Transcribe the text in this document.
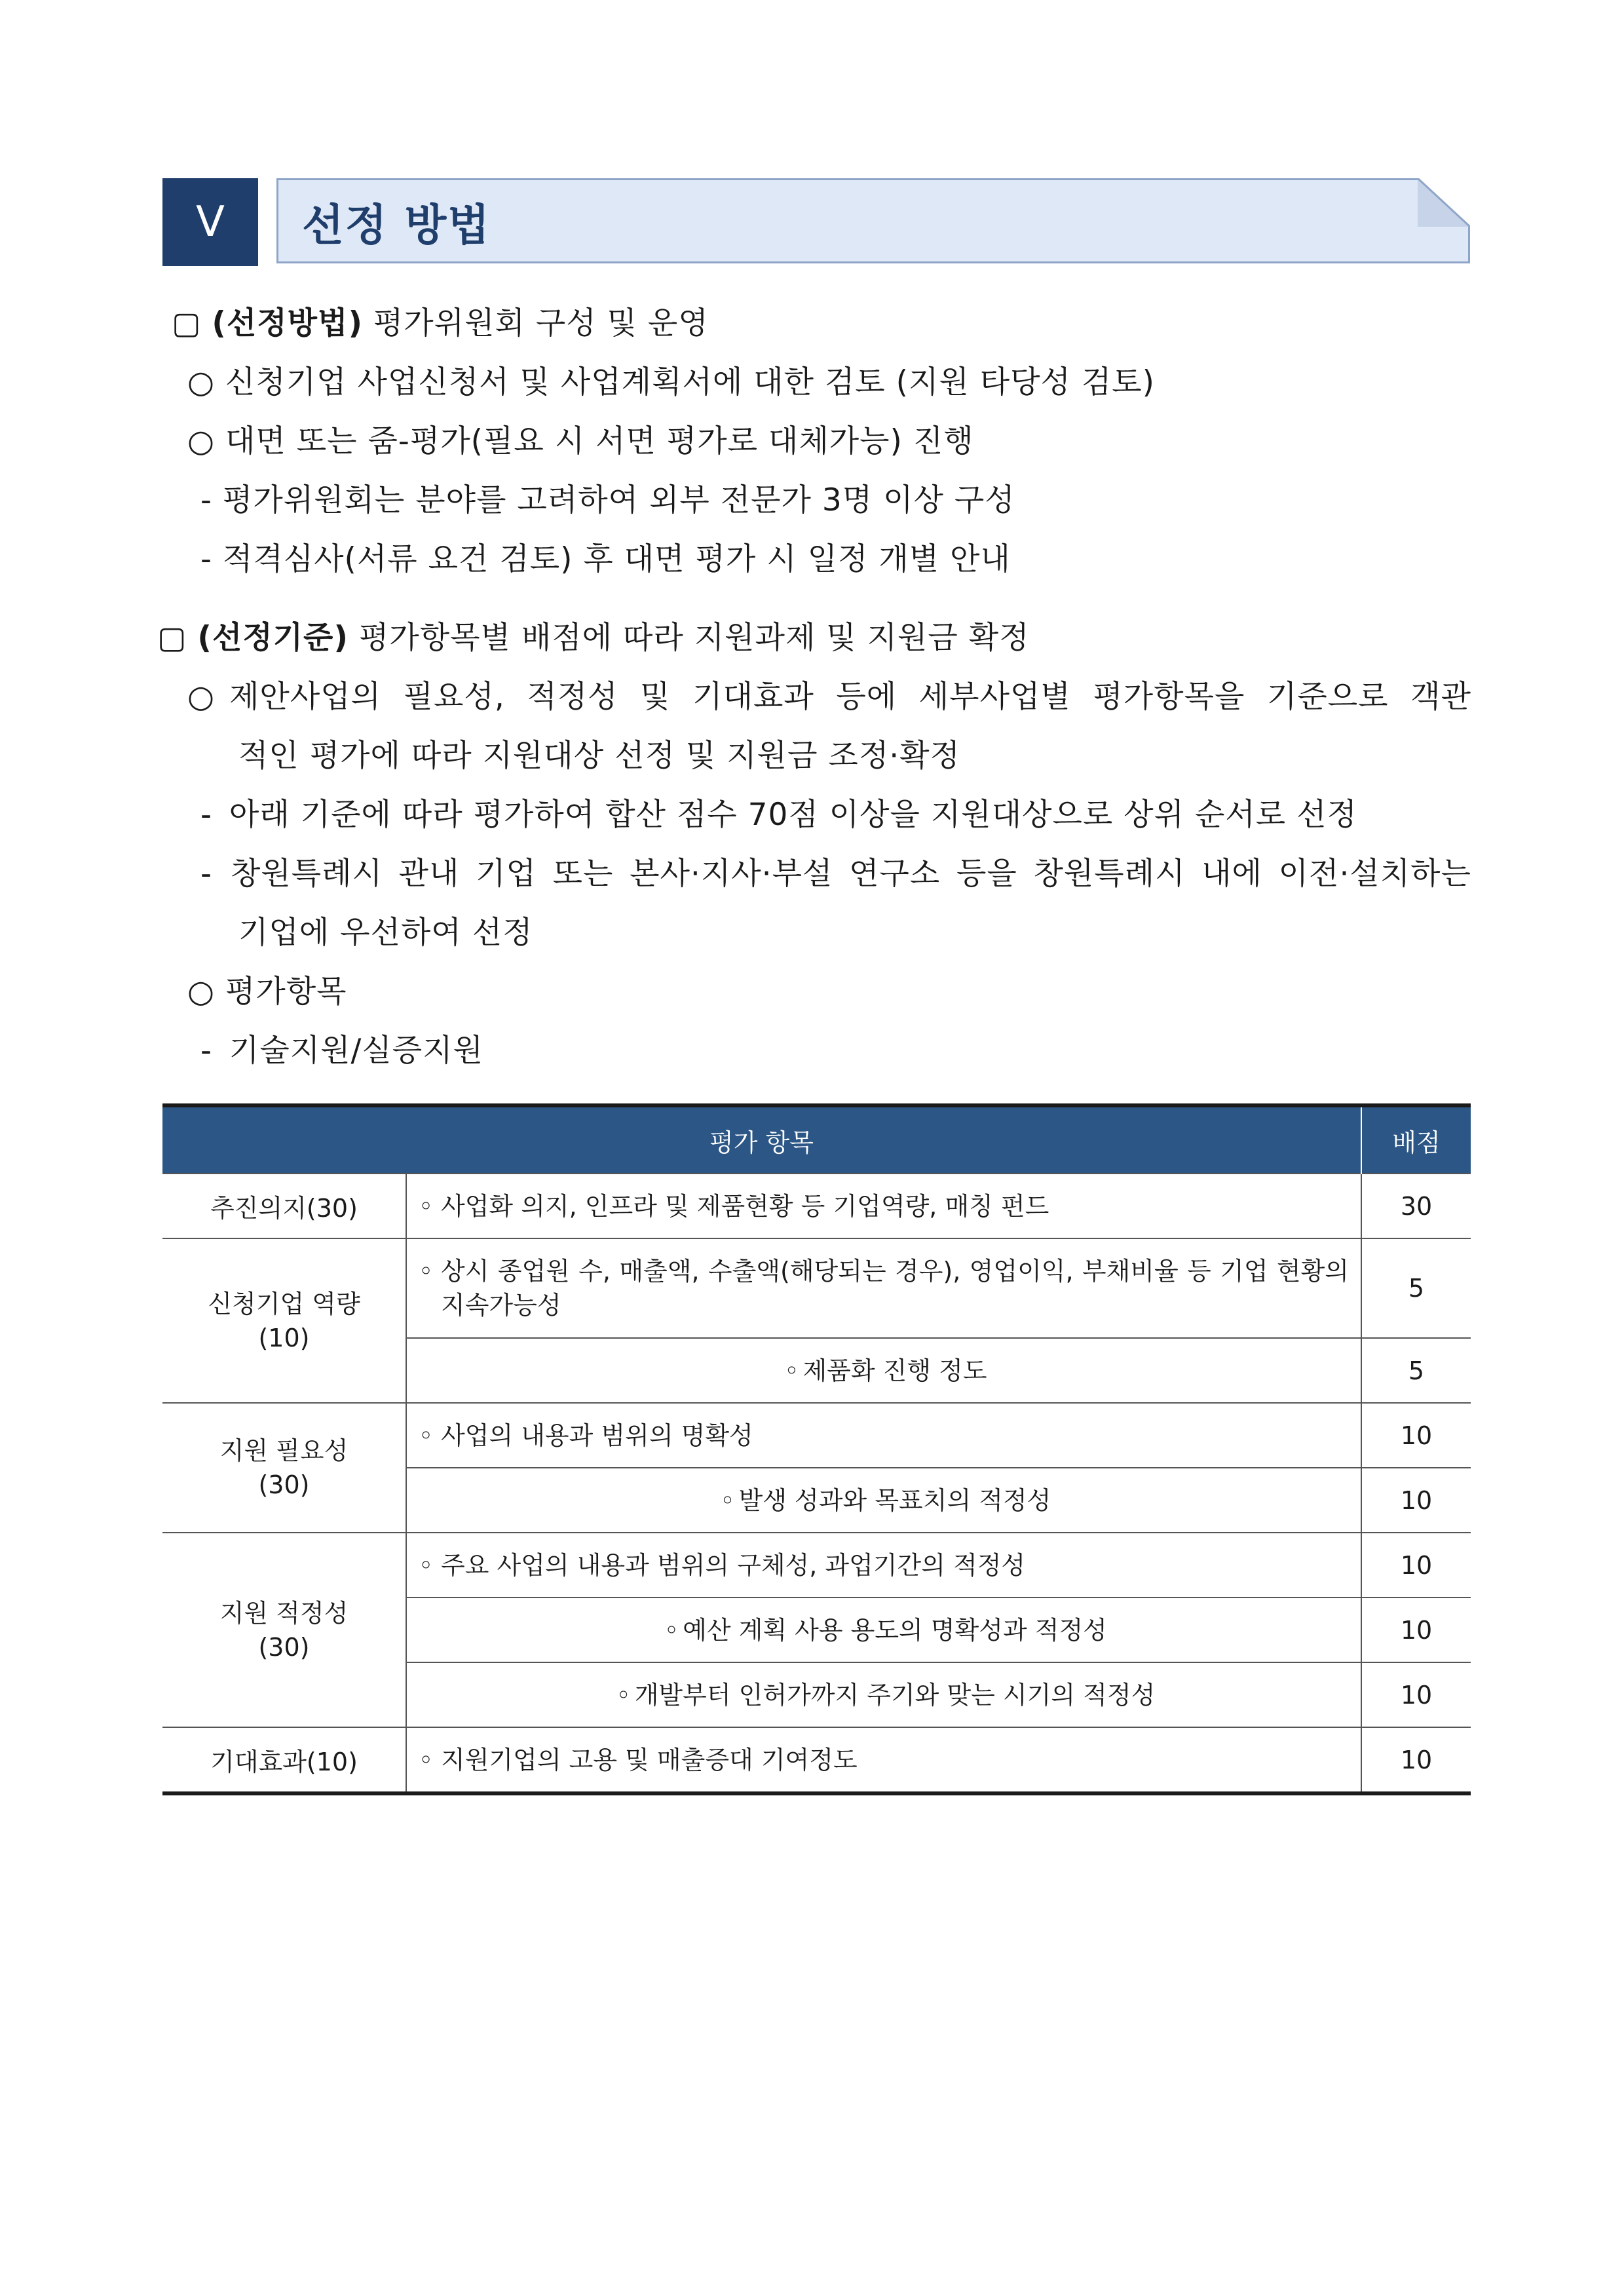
Ⅴ	선정 방법
▢ (선정방법) 평가위원회 구성 및 운영
○ 신청기업 사업신청서 및 사업계획서에 대한 검토 (지원 타당성 검토)
○ 대면 또는 줌-평가(필요 시 서면 평가로 대체가능) 진행
- 평가위원회는 분야를 고려하여 외부 전문가 3명 이상 구성
- 적격심사(서류 요건 검토) 후 대면 평가 시 일정 개별 안내
▢ (선정기준) 평가항목별 배점에 따라 지원과제 및 지원금 확정
○ 제안사업의 필요성, 적정성 및 기대효과 등에 세부사업별 평가항목을 기준으로 객관
적인 평가에 따라 지원대상 선정 및 지원금 조정·확정
- 아래 기준에 따라 평가하여 합산 점수 70점 이상을 지원대상으로 상위 순서로 선정
- 창원특례시 관내 기업 또는 본사·지사·부설 연구소 등을 창원특례시 내에 이전·설치하는
기업에 우선하여 선정
○ 평가항목
- 기술지원/실증지원
평가 항목		배점
추진의지(30)	◦ 사업화 의지, 인프라 및 제품현황 등 기업역량, 매칭 펀드	30
신청기업 역량
(10)	◦ 상시 종업원 수, 매출액, 수출액(해당되는 경우), 영업이익, 부채비율 등 기업 현황의 지속가능성	5
	◦ 제품화 진행 정도	5
지원 필요성
(30)	◦ 사업의 내용과 범위의 명확성	10
	◦ 발생 성과와 목표치의 적정성	10
지원 적정성
(30)	◦ 주요 사업의 내용과 범위의 구체성, 과업기간의 적정성	10
	◦ 예산 계획 사용 용도의 명확성과 적정성	10
	◦ 개발부터 인허가까지 주기와 맞는 시기의 적정성	10
기대효과(10)	◦ 지원기업의 고용 및 매출증대 기여정도	10
